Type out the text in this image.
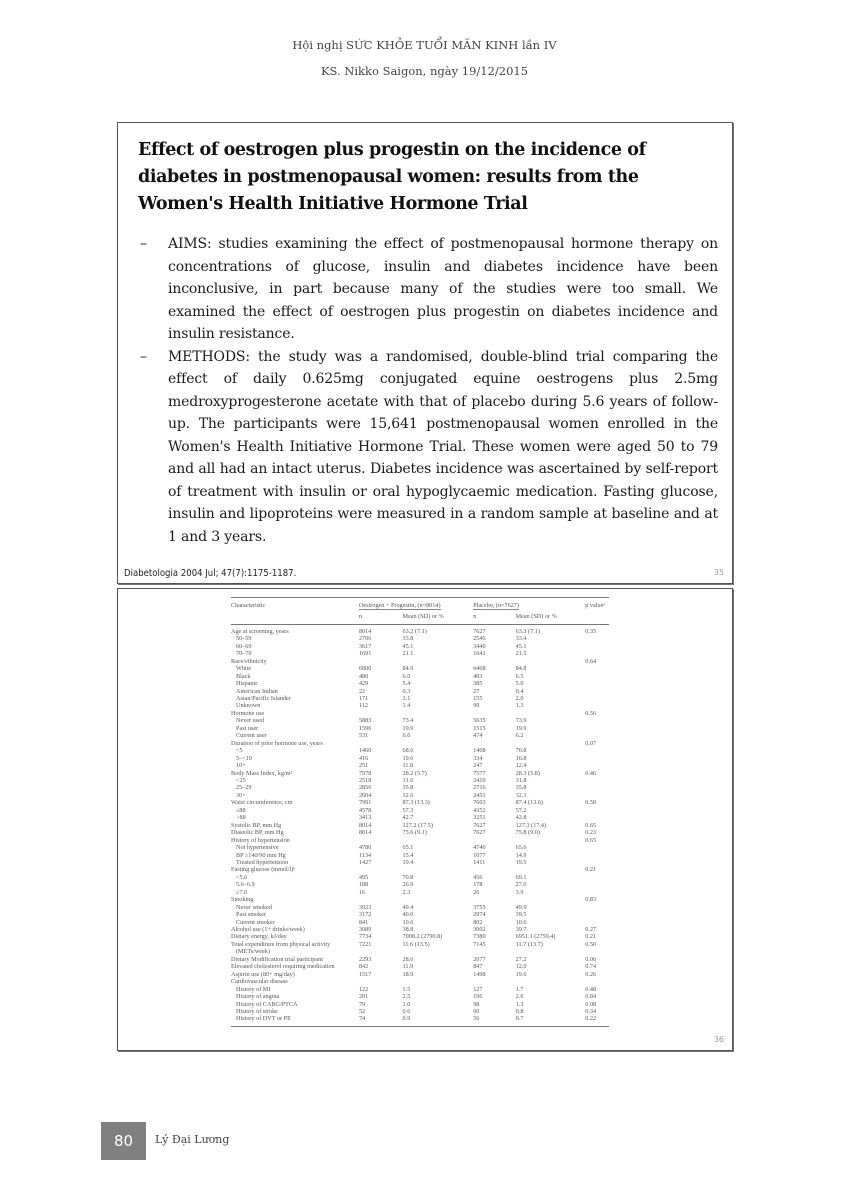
Hội nghị SỨC KHỎE TUỔI MÃN KINH lần IV
KS. Nikko Saigon, ngày 19/12/2015
Effect of oestrogen plus progestin on the incidence of diabetes in postmenopausal women: results from the Women's Health Initiative Hormone Trial
– AIMS: studies examining the effect of postmenopausal hormone therapy on concentrations of glucose, insulin and diabetes incidence have been inconclusive, in part because many of the studies were too small. We examined the effect of oestrogen plus progestin on diabetes incidence and insulin resistance.
– METHODS: the study was a randomised, double-blind trial comparing the effect of daily 0.625mg conjugated equine oestrogens plus 2.5mg medroxyprogesterone acetate with that of placebo during 5.6 years of follow-up. The participants were 15,641 postmenopausal women enrolled in the Women's Health Initiative Hormone Trial. These women were aged 50 to 79 and all had an intact uterus. Diabetes incidence was ascertained by self-report of treatment with insulin or oral hypoglycaemic medication. Fasting glucose, insulin and lipoproteins were measured in a random sample at baseline and at 1 and 3 years.
Diabetologia 2004 Jul; 47(7):1175-1187.	35
Characteristic	Oestrogen + Progestin, (n=8014)		Placebo, (n=7627)		p valueᵃ
	n	Mean (SD) or %	n	Mean (SD) or %	
Age at screening, years	8014	63.2 (7.1)	7627	63.3 (7.1)	0.35
50–59	2706	33.8	2546	33.4	
60–69	3617	45.1	3440	45.1	
70–79	1691	21.1	1641	21.5	
Race/ethnicity					0.64
White	6800	84.9	6468	84.8	
Black	480	6.0	493	6.5	
Hispanic	429	5.4	385	5.0	
American Indian	22	0.3	27	0.4	
Asian/Pacific Islander	171	2.1	155	2.0	
Unknown	112	1.4	99	1.3	
Hormone use					0.56
Never used	5883	73.4	5635	73.9	
Past user	1596	19.9	1515	19.9	
Current user	531	6.6	474	6.2	
Duration of prior hormone use, years					0.07
<5	1460	68.6	1408	70.8	
5–<10	416	19.6	334	16.8	
10+	251	11.8	247	12.4	
Body Mass Index, kg/m²	7978	28.2 (5.7)	7577	28.3 (5.8)	0.46
<25	2518	31.6	2410	31.8	
25–29	2856	35.8	2716	35.8	
30+	2604	32.6	2451	32.3	
Waist circumference, cm	7991	87.3 (13.3)	7603	87.4 (13.6)	0.58
≤88	4578	57.3	4352	57.2	
>88	3413	42.7	3251	42.8	
Systolic BP, mm Hg	8014	127.2 (17.5)	7627	127.3 (17.4)	0.65
Diastolic BP, mm Hg	8014	75.6 (9.1)	7627	75.8 (9.0)	0.23
History of hypertension					0.65
Not hypertensive	4780	65.1	4740	65.6	
BP ≥140/90 mm Hg	1134	15.4	1077	14.9	
Treated hypertension	1427	19.4	1411	19.5	
Fasting glucose (mmol/l)ᵇ					0.21
<5.6	495	70.8	456	69.1	
5.6–6.9	188	26.9	178	27.0	
≥7.0	16	2.3	26	3.9	
Smoking					0.83
Never smoked	3923	49.4	3755	49.9	
Past smoker	3172	40.0	2974	39.5	
Current smoker	841	10.6	802	10.6	
Alcohol use (1+ drinks/week)	3089	38.8	3002	39.7	0.27
Dietary energy, kJ/day	7734	7008.2 (2790.8)	7380	6951.1 (2759.4)	0.21
Total expenditure from physical activity	7221	11.6 (13.5)	7145	11.7 (13.7)	0.50
(METs/week)					
Dietary Modification trial participant	2293	28.6	2077	27.2	0.06
Elevated cholesterol requiring medication	842	11.9	847	12.0	0.74
Aspirin use (80+ mg/day)	1517	18.9	1498	19.6	0.26
Cardiovascular disease					
History of MI	122	1.5	127	1.7	0.48
History of angina	201	2.5	196	2.6	0.84
History of CABG/PTCA	79	1.0	98	1.3	0.08
History of stroke	52	0.6	60	0.8	0.34
History of DVT or PE	74	0.9	56	0.7	0.22
36
80	Lý Đại Lương
